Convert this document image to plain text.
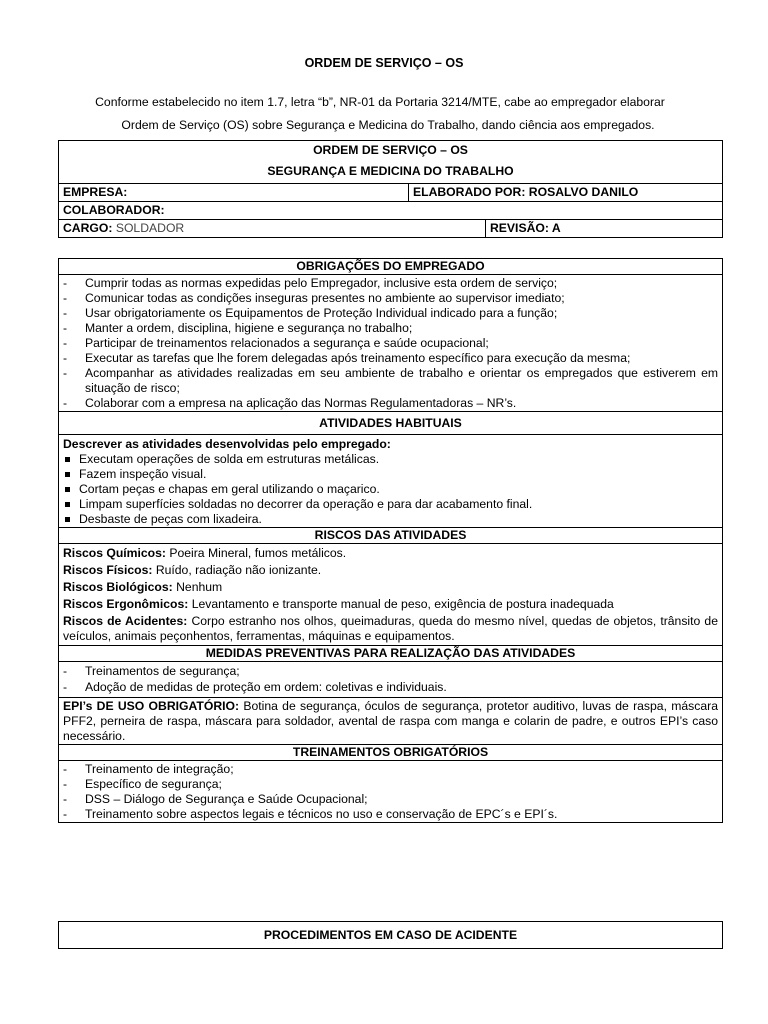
ORDEM DE SERVIÇO – OS
Conforme estabelecido no item 1.7, letra “b”, NR-01 da Portaria 3214/MTE, cabe ao empregador elaborar
Ordem de Serviço (OS) sobre Segurança e Medicina do Trabalho, dando ciência aos empregados.
ORDEM DE SERVIÇO – OS
SEGURANÇA E MEDICINA DO TRABALHO
EMPRESA:	ELABORADO POR: ROSALVO DANILO
COLABORADOR:
CARGO: SOLDADOR	REVISÃO: A
OBRIGAÇÕES DO EMPREGADO
- Cumprir todas as normas expedidas pelo Empregador, inclusive esta ordem de serviço;
- Comunicar todas as condições inseguras presentes no ambiente ao supervisor imediato;
- Usar obrigatoriamente os Equipamentos de Proteção Individual indicado para a função;
- Manter a ordem, disciplina, higiene e segurança no trabalho;
- Participar de treinamentos relacionados a segurança e saúde ocupacional;
- Executar as tarefas que lhe forem delegadas após treinamento específico para execução da mesma;
- Acompanhar as atividades realizadas em seu ambiente de trabalho e orientar os empregados que estiverem em situação de risco;
- Colaborar com a empresa na aplicação das Normas Regulamentadoras – NR’s.
ATIVIDADES HABITUAIS
Descrever as atividades desenvolvidas pelo empregado:
Executam operações de solda em estruturas metálicas.
Fazem inspeção visual.
Cortam peças e chapas em geral utilizando o maçarico.
Limpam superfícies soldadas no decorrer da operação e para dar acabamento final.
Desbaste de peças com lixadeira.
RISCOS DAS ATIVIDADES
Riscos Químicos: Poeira Mineral, fumos metálicos.
Riscos Físicos: Ruído, radiação não ionizante.
Riscos Biológicos: Nenhum
Riscos Ergonômicos: Levantamento e transporte manual de peso, exigência de postura inadequada
Riscos de Acidentes: Corpo estranho nos olhos, queimaduras, queda do mesmo nível, quedas de objetos, trânsito de veículos, animais peçonhentos, ferramentas, máquinas e equipamentos.
MEDIDAS PREVENTIVAS PARA REALIZAÇÃO DAS ATIVIDADES
- Treinamentos de segurança;
- Adoção de medidas de proteção em ordem: coletivas e individuais.
EPI’s DE USO OBRIGATÓRIO: Botina de segurança, óculos de segurança, protetor auditivo, luvas de raspa, máscara PFF2, perneira de raspa, máscara para soldador, avental de raspa com manga e colarin de padre, e outros EPI’s caso necessário.
TREINAMENTOS OBRIGATÓRIOS
- Treinamento de integração;
- Específico de segurança;
- DSS – Diálogo de Segurança e Saúde Ocupacional;
- Treinamento sobre aspectos legais e técnicos no uso e conservação de EPC´s e EPI´s.
PROCEDIMENTOS EM CASO DE ACIDENTE
